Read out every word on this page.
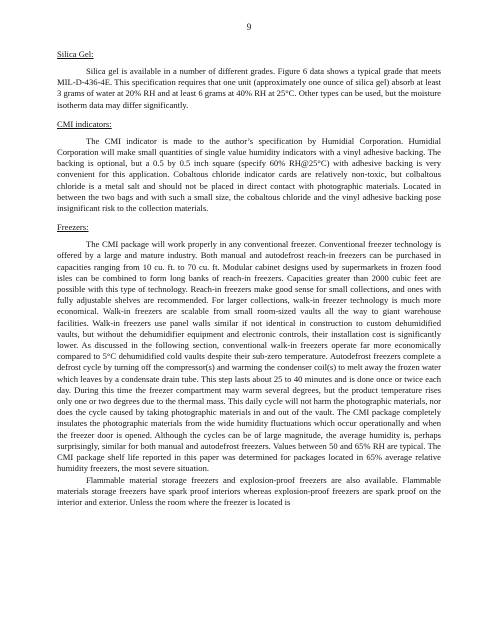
9
Silica Gel:

Silica gel is available in a number of different grades. Figure 6 data shows a typical grade that meets MIL-D-436-4E. This specification requires that one unit (approximately one ounce of silica gel) absorb at least 3 grams of water at 20% RH and at least 6 grams at 40% RH at 25°C. Other types can be used, but the moisture isotherm data may differ significantly.

CMI indicators:

The CMI indicator is made to the author’s specification by Humidial Corporation. Humidial Corporation will make small quantities of single value humidity indicators with a vinyl adhesive backing. The backing is optional, but a 0.5 by 0.5 inch square (specify 60% RH@25°C) with adhesive backing is very convenient for this application. Cobaltous chloride indicator cards are relatively non-toxic, but colbaltous chloride is a metal salt and should not be placed in direct contact with photographic materials. Located in between the two bags and with such a small size, the cobaltous chloride and the vinyl adhesive backing pose insignificant risk to the collection materials.

Freezers:

The CMI package will work properly in any conventional freezer. Conventional freezer technology is offered by a large and mature industry. Both manual and autodefrost reach-in freezers can be purchased in capacities ranging from 10 cu. ft. to 70 cu. ft. Modular cabinet designs used by supermarkets in frozen food isles can be combined to form long banks of reach-in freezers. Capacities greater than 2000 cubic feet are possible with this type of technology. Reach-in freezers make good sense for small collections, and ones with fully adjustable shelves are recommended. For larger collections, walk-in freezer technology is much more economical. Walk-in freezers are scalable from small room-sized vaults all the way to giant warehouse facilities. Walk-in freezers use panel walls similar if not identical in construction to custom dehumidified vaults, but without the dehumidifier equipment and electronic controls, their installation cost is significantly lower. As discussed in the following section, conventional walk-in freezers operate far more economically compared to 5°C dehumidified cold vaults despite their sub-zero temperature. Autodefrost freezers complete a defrost cycle by turning off the compressor(s) and warming the condenser coil(s) to melt away the frozen water which leaves by a condensate drain tube. This step lasts about 25 to 40 minutes and is done once or twice each day. During this time the freezer compartment may warm several degrees, but the product temperature rises only one or two degrees due to the thermal mass. This daily cycle will not harm the photographic materials, nor does the cycle caused by taking photographic materials in and out of the vault. The CMI package completely insulates the photographic materials from the wide humidity fluctuations which occur operationally and when the freezer door is opened. Although the cycles can be of large magnitude, the average humidity is, perhaps surprisingly, similar for both manual and autodefrost freezers. Values between 50 and 65% RH are typical. The CMI package shelf life reported in this paper was determined for packages located in 65% average relative humidity freezers, the most severe situation.

Flammable material storage freezers and explosion-proof freezers are also available. Flammable materials storage freezers have spark proof interiors whereas explosion-proof freezers are spark proof on the interior and exterior. Unless the room where the freezer is located is
